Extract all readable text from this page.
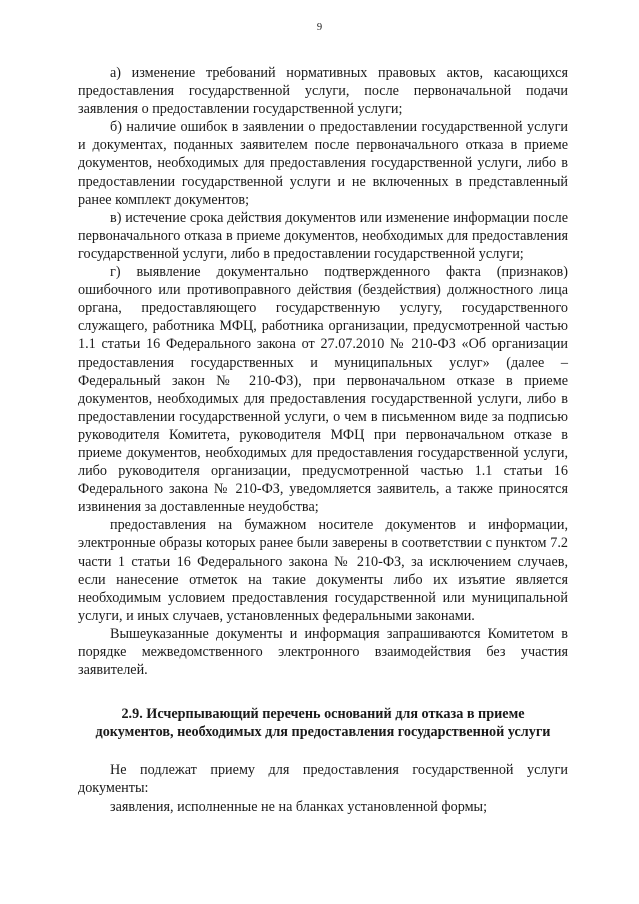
9

а) изменение требований нормативных правовых актов, касающихся предоставления государственной услуги, после первоначальной подачи заявления о предоставлении государственной услуги;

б) наличие ошибок в заявлении о предоставлении государственной услуги и документах, поданных заявителем после первоначального отказа в приеме документов, необходимых для предоставления государственной услуги, либо в предоставлении государственной услуги и не включенных в представленный ранее комплект документов;

в) истечение срока действия документов или изменение информации после первоначального отказа в приеме документов, необходимых для предоставления государственной услуги, либо в предоставлении государственной услуги;

г) выявление документально подтвержденного факта (признаков) ошибочного или противоправного действия (бездействия) должностного лица органа, предоставляющего государственную услугу, государственного служащего, работника МФЦ, работника организации, предусмотренной частью 1.1 статьи 16 Федерального закона от 27.07.2010 № 210-ФЗ «Об организации предоставления государственных и муниципальных услуг» (далее – Федеральный закон № 210-ФЗ), при первоначальном отказе в приеме документов, необходимых для предоставления государственной услуги, либо в предоставлении государственной услуги, о чем в письменном виде за подписью руководителя Комитета, руководителя МФЦ при первоначальном отказе в приеме документов, необходимых для предоставления государственной услуги, либо руководителя организации, предусмотренной частью 1.1 статьи 16 Федерального закона № 210-ФЗ, уведомляется заявитель, а также приносятся извинения за доставленные неудобства;

предоставления на бумажном носителе документов и информации, электронные образы которых ранее были заверены в соответствии с пунктом 7.2 части 1 статьи 16 Федерального закона № 210-ФЗ, за исключением случаев, если нанесение отметок на такие документы либо их изъятие является необходимым условием предоставления государственной или муниципальной услуги, и иных случаев, установленных федеральными законами.

Вышеуказанные документы и информация запрашиваются Комитетом в порядке межведомственного электронного взаимодействия без участия заявителей.

2.9. Исчерпывающий перечень оснований для отказа в приеме документов, необходимых для предоставления государственной услуги

Не подлежат приему для предоставления государственной услуги документы:

заявления, исполненные не на бланках установленной формы;
